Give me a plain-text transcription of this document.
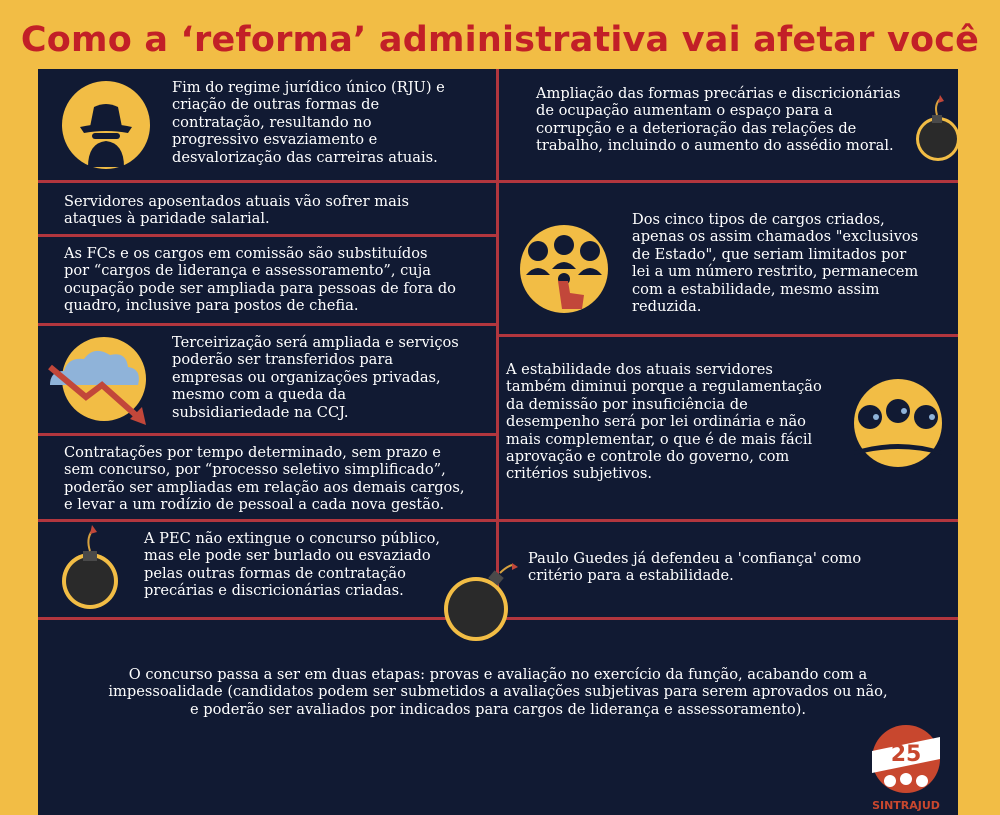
Como a ‘reforma’ administrativa vai afetar você
Fim do regime jurídico único (RJU) e
criação de outras formas de
contratação, resultando no
progressivo esvaziamento e
desvalorização das carreiras atuais.
Ampliação das formas precárias e discricionárias
de ocupação aumentam o espaço para a
corrupção e a deterioração das relações de
trabalho, incluindo o aumento do assédio moral.
Servidores aposentados atuais vão sofrer mais
ataques à paridade salarial.	Dos cinco tipos de cargos criados,
apenas os assim chamados "exclusivos
de Estado", que seriam limitados por
lei a um número restrito, permanecem
com a estabilidade, mesmo assim
reduzida.
As FCs e os cargos em comissão são substituídos
por “cargos de liderança e assessoramento”, cuja
ocupação pode ser ampliada para pessoas de fora do
quadro, inclusive para postos de chefia.
Terceirização será ampliada e serviços
poderão ser transferidos para
empresas ou organizações privadas,
mesmo com a queda da
subsidiariedade na CCJ.
A estabilidade dos atuais servidores
também diminui porque a regulamentação
da demissão por insuficiência de
desempenho será por lei ordinária e não
mais complementar, o que é de mais fácil
aprovação e controle do governo, com
critérios subjetivos.
Contratações por tempo determinado, sem prazo e
sem concurso, por “processo seletivo simplificado”,
poderão ser ampliadas em relação aos demais cargos,
e levar a um rodízio de pessoal a cada nova gestão.
A PEC não extingue o concurso público,
mas ele pode ser burlado ou esvaziado
pelas outras formas de contratação
precárias e discricionárias criadas.
Paulo Guedes já defendeu a 'confiança' como
critério para a estabilidade.
O concurso passa a ser em duas etapas: provas e avaliação no exercício da função, acabando com a
impessoalidade (candidatos podem ser submetidos a avaliações subjetivas para serem aprovados ou não,
e poderão ser avaliados por indicados para cargos de liderança e assessoramento).
25
SINTRAJUD
